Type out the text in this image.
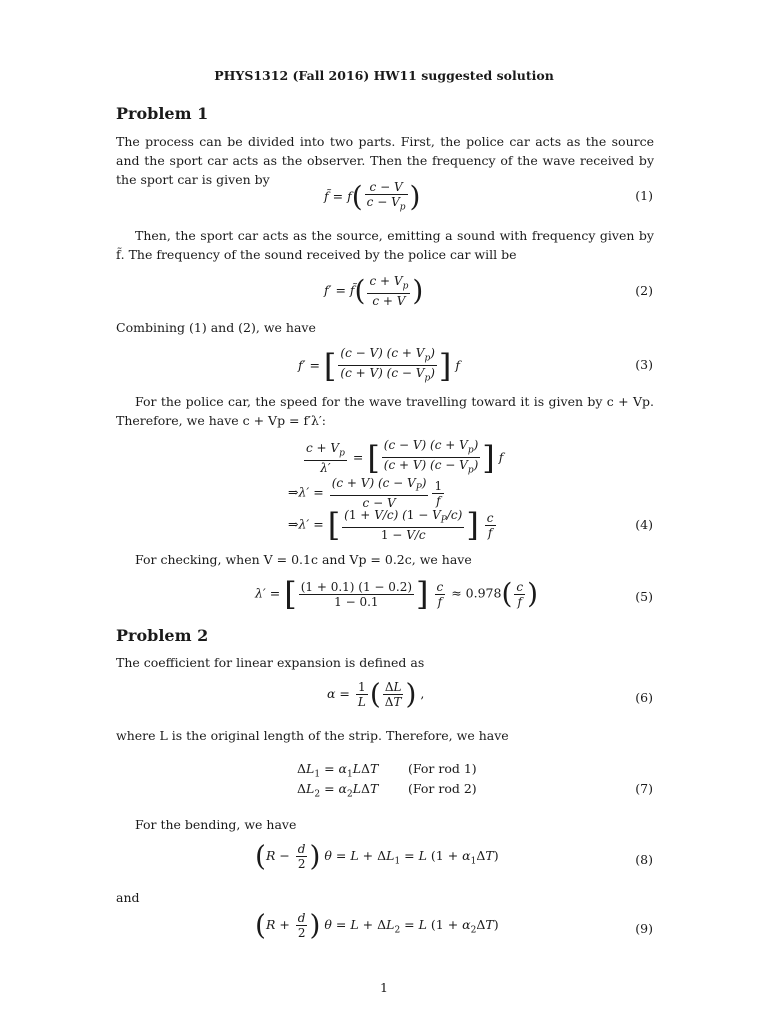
PHYS1312 (Fall 2016) HW11 suggested solution
Problem 1
The process can be divided into two parts. First, the police car acts as the source and the sport car acts as the observer. Then the frequency of the wave received by the sport car is given by
f̃ = $f( \frac{c - V}{c - V_p}$ )	(1)
Then, the sport car acts as the source, emitting a sound with frequency given by f̃. The frequency of the sound received by the police car will be
f′ = f̃( $\frac{c + V_p}{c + V}$ )	(2)
Combining (1) and (2), we have
f′ = [ $\frac{(c - V) (c + V_p)}{(c + V) (c - V_p)}$ ] f	(3)
For the police car, the speed for the wave travelling toward it is given by c + Vp. Therefore, we have c + Vp = f′λ′:
$\frac{c + V_p}{\lambda'}$ = [ $\frac{(c - V) (c + V_p)}{(c + V) (c - V_p)}$ ] f
⇒λ′ = $\frac{(c + V) (c - V_P)}{c - V} \frac{1}{f}$
⇒λ′ = [ $\frac{(1 + V/c) (1 - V_P/c)}{1 - V/c}$ ] $\frac{c}{f}$	(4)
For checking, when V = 0.1c and Vp = 0.2c, we have
λ′ = [ $\frac{(1 + 0.1) (1 - 0.2)}{1 - 0.1}$ ] $\frac{c}{f} \approx 0.978( \frac{c}{f}$ )	(5)
Problem 2
The coefficient for linear expansion is defined as
$\alpha = \frac{1}{L}$ ( $\frac{\Delta L}{\Delta T}$ ) ,	(6)
where L is the original length of the strip. Therefore, we have
$\Delta L_1 = \alpha_1L\Delta T$ (For rod 1)
$\Delta L_2 = \alpha_2L\Delta T$ (For rod 2)	(7)
For the bending, we have
($R - \frac{d}{2}$ ) $\theta = L + \Delta L_1 = L$ $(1 + \alpha_1\Delta T)$	(8)
and
($R + \frac{d}{2}$ ) $\theta = L + \Delta L_2 = L$ $(1 + \alpha_2\Delta T)$	(9)
1
